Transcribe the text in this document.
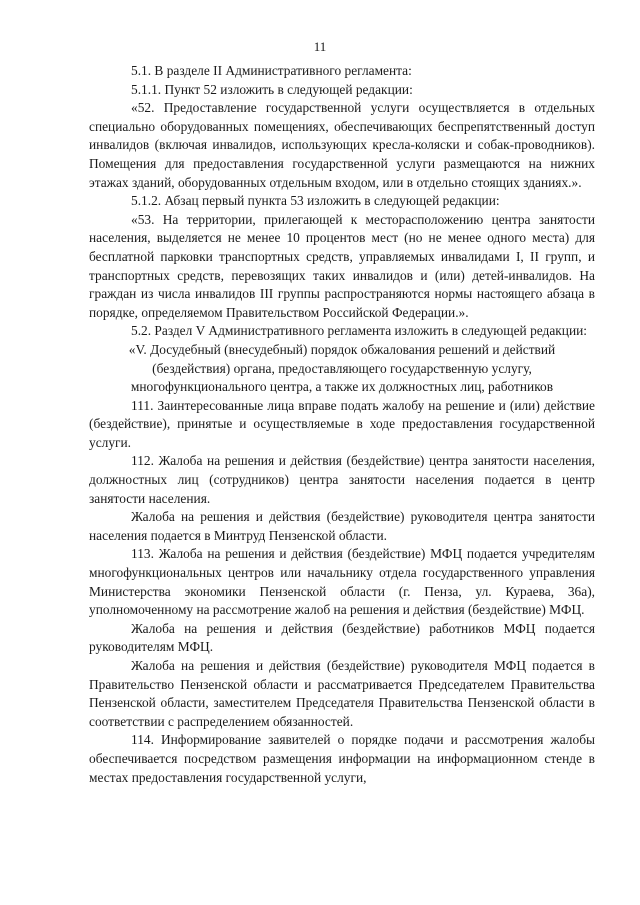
11

5.1. В разделе II Административного регламента:

5.1.1. Пункт 52 изложить в следующей редакции:

«52. Предоставление государственной услуги осуществляется в отдельных специально оборудованных помещениях, обеспечивающих беспрепятственный доступ инвалидов (включая инвалидов, использующих кресла-коляски и собак-проводников). Помещения для предоставления государственной услуги размещаются на нижних этажах зданий, оборудованных отдельным входом, или в отдельно стоящих зданиях.».

5.1.2. Абзац первый пункта 53 изложить в следующей редакции:

«53. На территории, прилегающей к месторасположению центра занятости населения, выделяется не менее 10 процентов мест (но не менее одного места) для бесплатной парковки транспортных средств, управляемых инвалидами I, II групп, и транспортных средств, перевозящих таких инвалидов и (или) детей-инвалидов. На граждан из числа инвалидов III группы распространяются нормы настоящего абзаца в порядке, определяемом Правительством Российской Федерации.».

5.2. Раздел V Административного регламента изложить в следующей редакции:

«V. Досудебный (внесудебный) порядок обжалования решений и действий (бездействия) органа, предоставляющего государственную услугу, многофункционального центра, а также их должностных лиц, работников

111. Заинтересованные лица вправе подать жалобу на решение и (или) действие (бездействие), принятые и осуществляемые в ходе предоставления государственной услуги.

112. Жалоба на решения и действия (бездействие) центра занятости населения, должностных лиц (сотрудников) центра занятости населения подается в центр занятости населения.

Жалоба на решения и действия (бездействие) руководителя центра занятости населения подается в Минтруд Пензенской области.

113. Жалоба на решения и действия (бездействие) МФЦ подается учредителям многофункциональных центров или начальнику отдела государственного управления Министерства экономики Пензенской области (г. Пенза, ул. Кураева, 36а), уполномоченному на рассмотрение жалоб на решения и действия (бездействие) МФЦ.

Жалоба на решения и действия (бездействие) работников МФЦ подается руководителям МФЦ.

Жалоба на решения и действия (бездействие) руководителя МФЦ подается в Правительство Пензенской области и рассматривается Председателем Правительства Пензенской области, заместителем Председателя Правительства Пензенской области в соответствии с распределением обязанностей.

114. Информирование заявителей о порядке подачи и рассмотрения жалобы обеспечивается посредством размещения информации на информационном стенде в местах предоставления государственной услуги,
